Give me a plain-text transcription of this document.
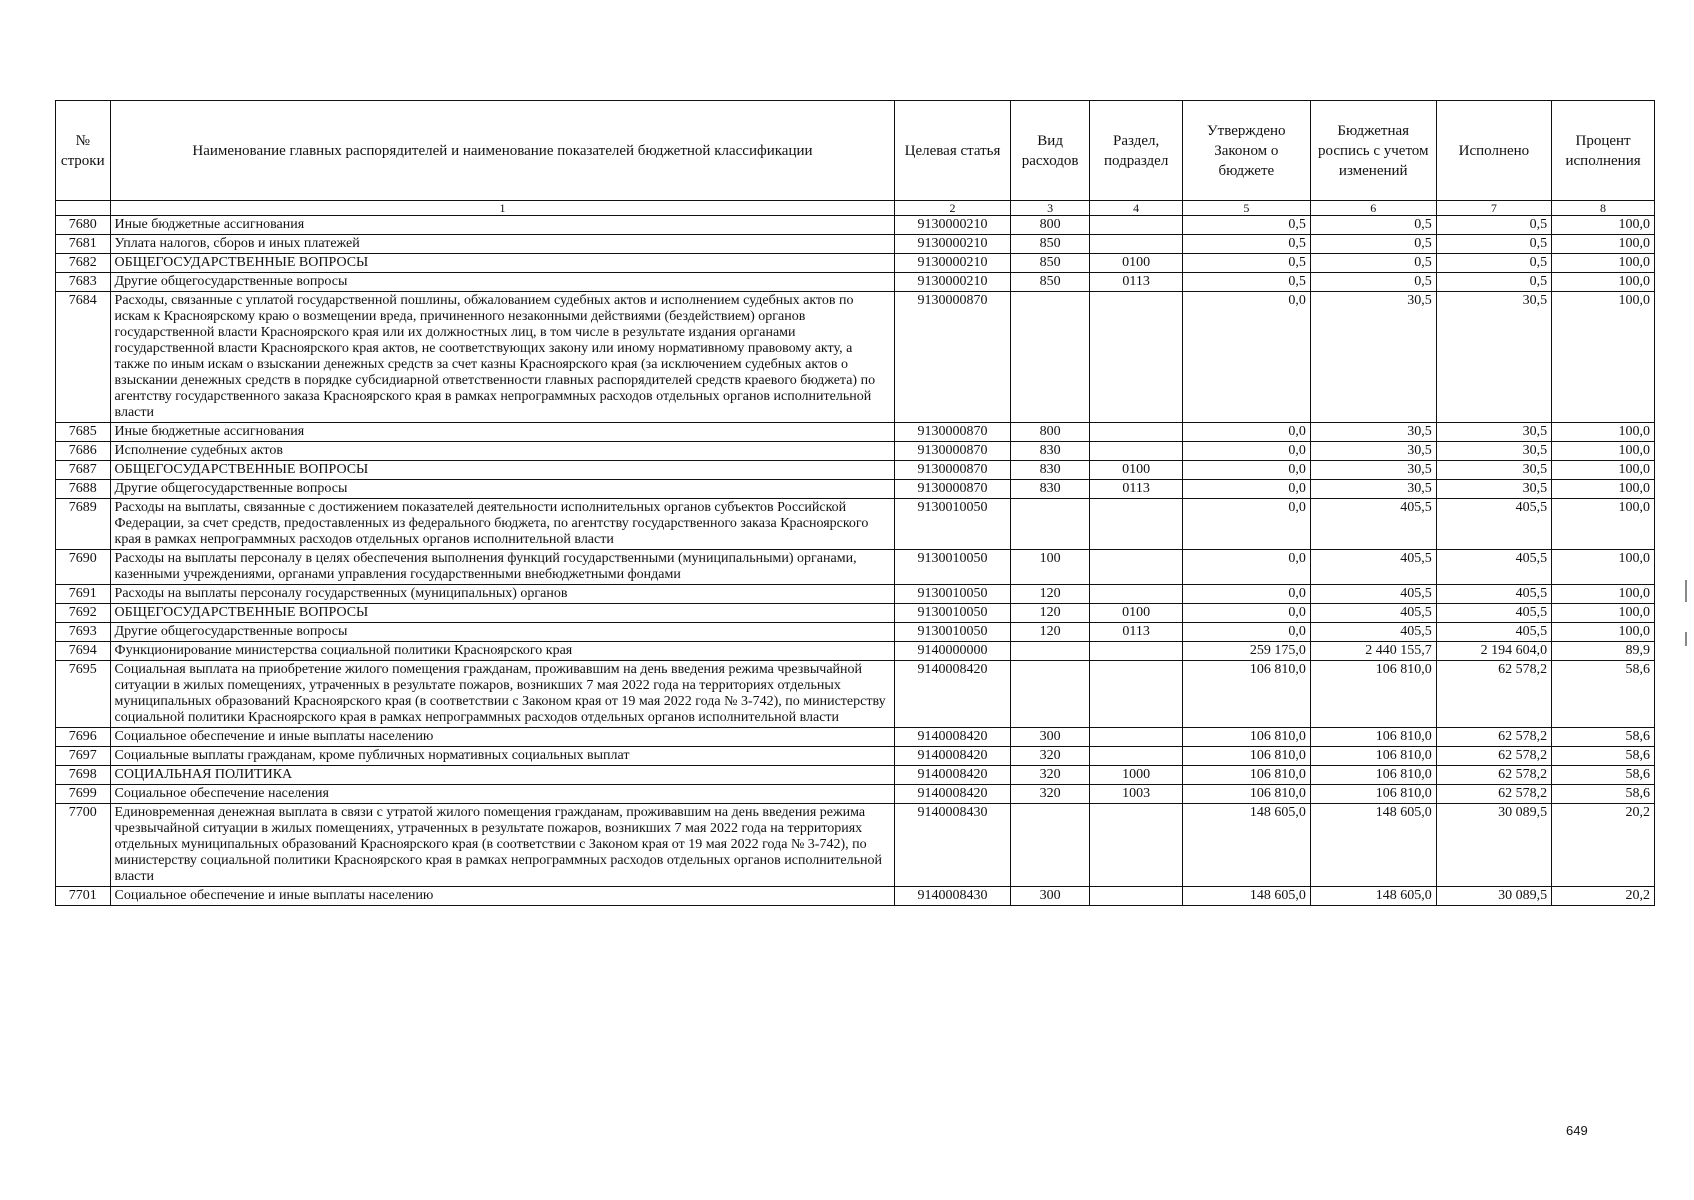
№ строки	Наименование главных распорядителей и наименование показателей бюджетной классификации	Целевая статья	Вид расходов	Раздел, подраздел	Утверждено Законом о бюджете	Бюджетная роспись с учетом изменений	Исполнено	Процент исполнения
	1	2	3	4	5	6	7	8
7680	Иные бюджетные ассигнования	9130000210	800		0,5	0,5	0,5	100,0
7681	Уплата налогов, сборов и иных платежей	9130000210	850		0,5	0,5	0,5	100,0
7682	ОБЩЕГОСУДАРСТВЕННЫЕ ВОПРОСЫ	9130000210	850	0100	0,5	0,5	0,5	100,0
7683	Другие общегосударственные вопросы	9130000210	850	0113	0,5	0,5	0,5	100,0
7684	Расходы, связанные с уплатой государственной пошлины, обжалованием судебных актов и исполнением судебных актов по искам к Красноярскому краю о возмещении вреда, причиненного незаконными действиями (бездействием) органов государственной власти Красноярского края или их должностных лиц, в том числе в результате издания органами государственной власти Красноярского края актов, не соответствующих закону или иному нормативному правовому акту, а также по иным искам о взыскании денежных средств за счет казны Красноярского края (за исключением судебных актов о взыскании денежных средств в порядке субсидиарной ответственности главных распорядителей средств краевого бюджета) по агентству государственного заказа Красноярского края в рамках непрограммных расходов отдельных органов исполнительной власти	9130000870			0,0	30,5	30,5	100,0
7685	Иные бюджетные ассигнования	9130000870	800		0,0	30,5	30,5	100,0
7686	Исполнение судебных актов	9130000870	830		0,0	30,5	30,5	100,0
7687	ОБЩЕГОСУДАРСТВЕННЫЕ ВОПРОСЫ	9130000870	830	0100	0,0	30,5	30,5	100,0
7688	Другие общегосударственные вопросы	9130000870	830	0113	0,0	30,5	30,5	100,0
7689	Расходы на выплаты, связанные с достижением показателей деятельности исполнительных органов субъектов Российской Федерации, за счет средств, предоставленных из федерального бюджета, по агентству государственного заказа Красноярского края в рамках непрограммных расходов отдельных органов исполнительной власти	9130010050			0,0	405,5	405,5	100,0
7690	Расходы на выплаты персоналу в целях обеспечения выполнения функций государственными (муниципальными) органами, казенными учреждениями, органами управления государственными внебюджетными фондами	9130010050	100		0,0	405,5	405,5	100,0
7691	Расходы на выплаты персоналу государственных (муниципальных) органов	9130010050	120		0,0	405,5	405,5	100,0
7692	ОБЩЕГОСУДАРСТВЕННЫЕ ВОПРОСЫ	9130010050	120	0100	0,0	405,5	405,5	100,0
7693	Другие общегосударственные вопросы	9130010050	120	0113	0,0	405,5	405,5	100,0
7694	Функционирование министерства социальной политики Красноярского края	9140000000			259 175,0	2 440 155,7	2 194 604,0	89,9
7695	Социальная выплата на приобретение жилого помещения гражданам, проживавшим на день введения режима чрезвычайной ситуации в жилых помещениях, утраченных в результате пожаров, возникших 7 мая 2022 года на территориях отдельных муниципальных образований Красноярского края (в соответствии с Законом края от 19 мая 2022 года № 3-742), по министерству социальной политики Красноярского края в рамках непрограммных расходов отдельных органов исполнительной власти	9140008420			106 810,0	106 810,0	62 578,2	58,6
7696	Социальное обеспечение и иные выплаты населению	9140008420	300		106 810,0	106 810,0	62 578,2	58,6
7697	Социальные выплаты гражданам, кроме публичных нормативных социальных выплат	9140008420	320		106 810,0	106 810,0	62 578,2	58,6
7698	СОЦИАЛЬНАЯ ПОЛИТИКА	9140008420	320	1000	106 810,0	106 810,0	62 578,2	58,6
7699	Социальное обеспечение населения	9140008420	320	1003	106 810,0	106 810,0	62 578,2	58,6
7700	Единовременная денежная выплата в связи с утратой жилого помещения гражданам, проживавшим на день введения режима чрезвычайной ситуации в жилых помещениях, утраченных в результате пожаров, возникших 7 мая 2022 года на территориях отдельных муниципальных образований Красноярского края (в соответствии с Законом края от 19 мая 2022 года № 3-742), по министерству социальной политики Красноярского края в рамках непрограммных расходов отдельных органов исполнительной власти	9140008430			148 605,0	148 605,0	30 089,5	20,2
7701	Социальное обеспечение и иные выплаты населению	9140008430	300		148 605,0	148 605,0	30 089,5	20,2
649
